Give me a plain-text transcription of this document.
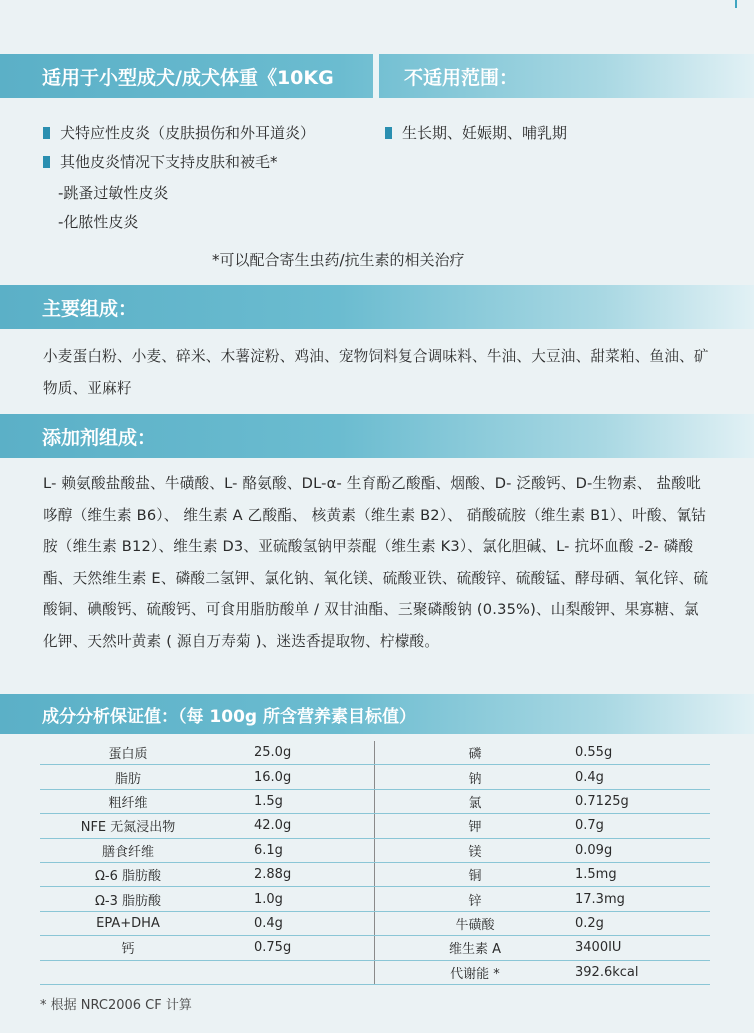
适用于小型成犬/成犬体重《10KG	不适用范围：
犬特应性皮炎（皮肤损伤和外耳道炎）
其他皮炎情况下支持皮肤和被毛*
-跳蚤过敏性皮炎
-化脓性皮炎
生长期、妊娠期、哺乳期
*可以配合寄生虫药/抗生素的相关治疗
主要组成：
小麦蛋白粉、小麦、碎米、木薯淀粉、鸡油、宠物饲料复合调味料、牛油、大豆油、甜菜粕、鱼油、矿物质、亚麻籽
添加剂组成：
L- 赖氨酸盐酸盐、牛磺酸、L- 酪氨酸、DL-α- 生育酚乙酸酯、烟酸、D- 泛酸钙、D-生物素、 盐酸吡哆醇（维生素 B6）、 维生素 A 乙酸酯、 核黄素（维生素 B2）、 硝酸硫胺（维生素 B1）、叶酸、氰钴胺（维生素 B12）、维生素 D3、亚硫酸氢钠甲萘醌（维生素 K3）、氯化胆碱、L- 抗坏血酸 -2- 磷酸酯、天然维生素 E、磷酸二氢钾、氯化钠、氧化镁、硫酸亚铁、硫酸锌、硫酸锰、酵母硒、氧化锌、硫酸铜、碘酸钙、硫酸钙、可食用脂肪酸单 / 双甘油酯、三聚磷酸钠 (0.35%)、山梨酸钾、果寡糖、氯化钾、天然叶黄素 ( 源自万寿菊 )、迷迭香提取物、柠檬酸。
成分分析保证值：（每 100g 所含营养素目标值）
蛋白质	25.0g	磷	0.55g
脂肪	16.0g	钠	0.4g
粗纤维	1.5g	氯	0.7125g
NFE 无氮浸出物	42.0g	钾	0.7g
膳食纤维	6.1g	镁	0.09g
Ω-6 脂肪酸	2.88g	铜	1.5mg
Ω-3 脂肪酸	1.0g	锌	17.3mg
EPA+DHA	0.4g	牛磺酸	0.2g
钙	0.75g	维生素 A	3400IU
		代谢能 *	392.6kcal
* 根据 NRC2006 CF 计算
